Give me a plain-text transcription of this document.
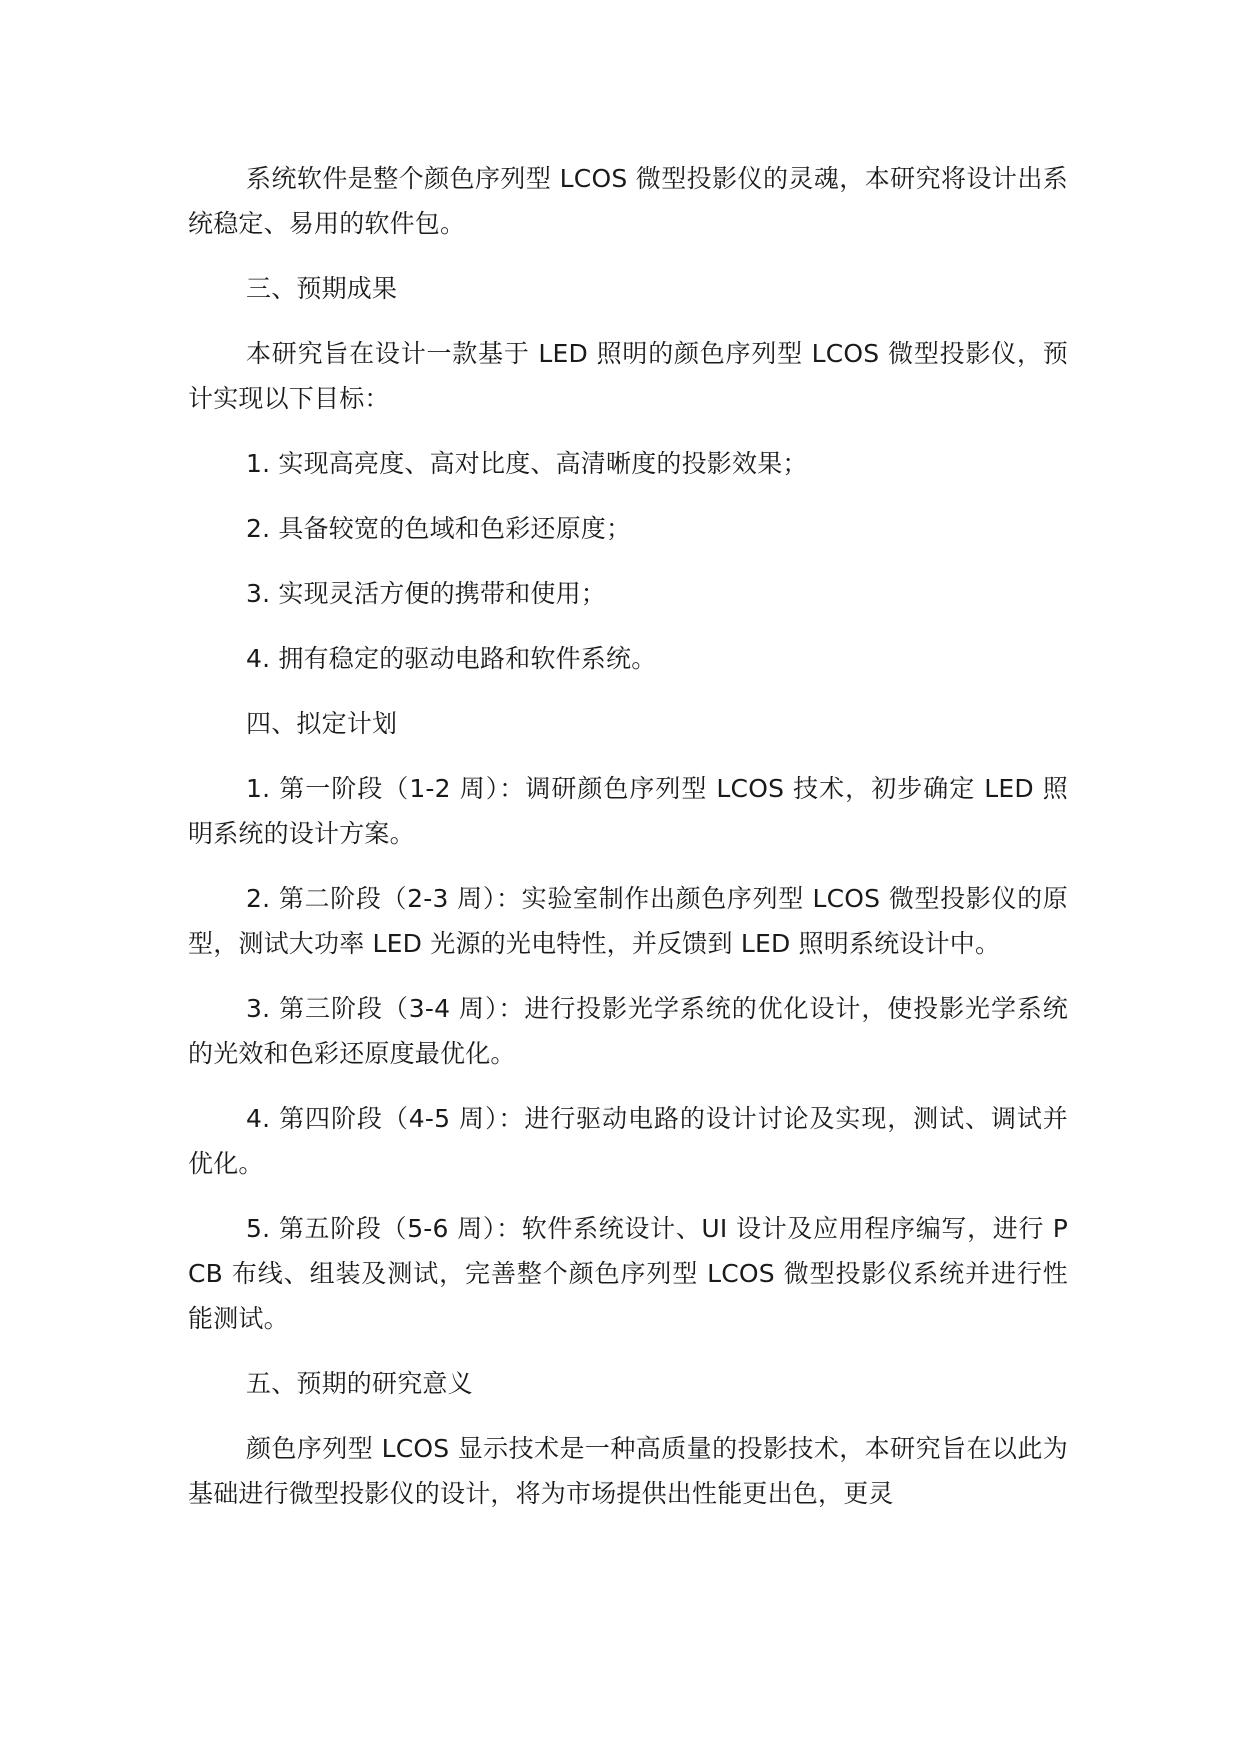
系统软件是整个颜色序列型 LCOS 微型投影仪的灵魂，本研究将设计出系统稳定、易用的软件包。

三、预期成果

本研究旨在设计一款基于 LED 照明的颜色序列型 LCOS 微型投影仪，预计实现以下目标：

1. 实现高亮度、高对比度、高清晰度的投影效果；

2. 具备较宽的色域和色彩还原度；

3. 实现灵活方便的携带和使用；

4. 拥有稳定的驱动电路和软件系统。

四、拟定计划

1. 第一阶段（1-2 周）：调研颜色序列型 LCOS 技术，初步确定 LED 照明系统的设计方案。

2. 第二阶段（2-3 周）：实验室制作出颜色序列型 LCOS 微型投影仪的原型，测试大功率 LED 光源的光电特性，并反馈到 LED 照明系统设计中。

3. 第三阶段（3-4 周）：进行投影光学系统的优化设计，使投影光学系统的光效和色彩还原度最优化。

4. 第四阶段（4-5 周）：进行驱动电路的设计讨论及实现，测试、调试并优化。

5. 第五阶段（5-6 周）：软件系统设计、UI 设计及应用程序编写，进行 PCB 布线、组装及测试，完善整个颜色序列型 LCOS 微型投影仪系统并进行性能测试。

五、预期的研究意义

颜色序列型 LCOS 显示技术是一种高质量的投影技术，本研究旨在以此为基础进行微型投影仪的设计，将为市场提供出性能更出色，更灵
